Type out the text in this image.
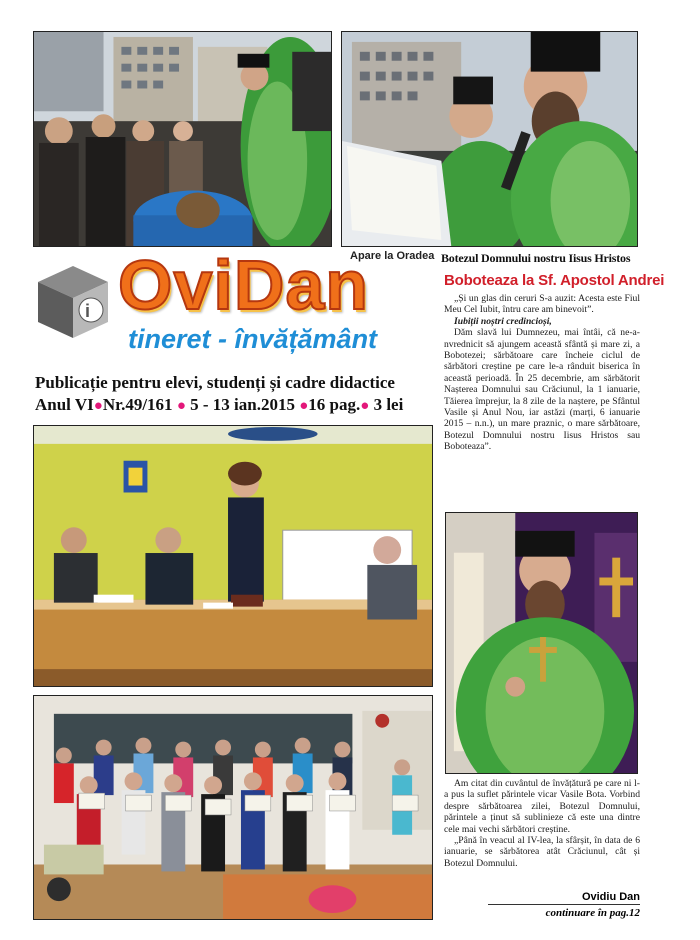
Apare la Oradea Botezul Domnului nostru Iisus Hristos
i OviDan
tineret - învățământ
Publicație pentru elevi, studenți și cadre didactice
Anul VI●Nr.49/161 ● 5 - 13 ian.2015 ●16 pag.● 3 lei
Boboteaza la Sf. Apostol Andrei

„Și un glas din ceruri S-a auzit: Acesta este Fiul Meu Cel Iubit, întru care am binevoit”.

Iubiții noștri credincioși,

Dăm slavă lui Dumnezeu, mai întâi, că ne-a-nvrednicit să ajungem această sfântă și mare zi, a Bobotezei; sărbătoare care încheie ciclul de sărbători creștine pe care le-a rânduit biserica în această perioadă. În 25 decembrie, am sărbătorit Nașterea Domnului sau Crăciunul, la 1 ianuarie, Tăierea împrejur, la 8 zile de la naștere, pe Sfântul Vasile și Anul Nou, iar astăzi (marți, 6 ianuarie 2015 – n.n.), un mare praznic, o mare sărbătoare, Botezul Domnului nostru Iisus Hristos sau Boboteaza”.

Am citat din cuvântul de învățătură pe care ni l-a pus la suflet părintele vicar Vasile Bota. Vorbind despre sărbătoarea zilei, Botezul Domnului, părintele a ținut să sublinieze că este una dintre cele mai vechi sărbători creștine.

„Până în veacul al IV-lea, la sfârșit, în data de 6 ianuarie, se sărbătorea atât Crăciunul, cât și Botezul Domnului.

Ovidiu Dan
continuare în pag.12
